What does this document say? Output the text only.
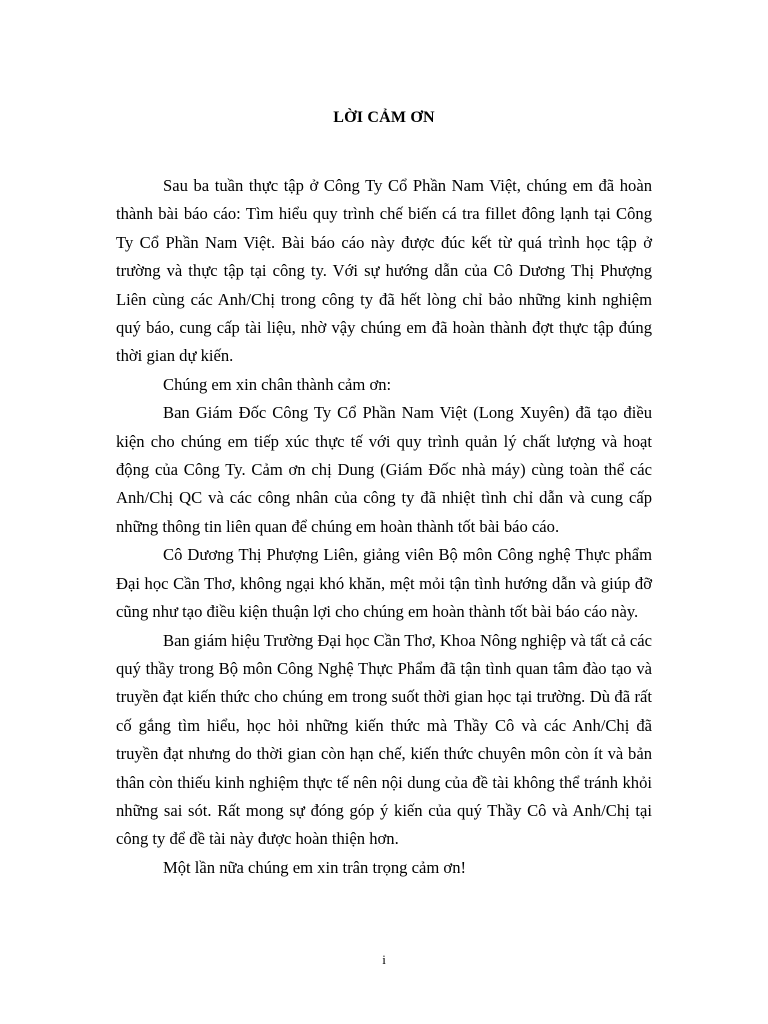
LỜI CẢM ƠN

Sau ba tuần thực tập ở Công Ty Cổ Phần Nam Việt, chúng em đã hoàn thành bài báo cáo: Tìm hiểu quy trình chế biến cá tra fillet đông lạnh tại Công Ty Cổ Phần Nam Việt. Bài báo cáo này được đúc kết từ quá trình học tập ở trường và thực tập tại công ty. Với sự hướng dẫn của Cô Dương Thị Phượng Liên cùng các Anh/Chị trong công ty đã hết lòng chỉ bảo những kinh nghiệm quý báo, cung cấp tài liệu, nhờ vậy chúng em đã hoàn thành đợt thực tập đúng thời gian dự kiến.

Chúng em xin chân thành cảm ơn:

Ban Giám Đốc Công Ty Cổ Phần Nam Việt (Long Xuyên) đã tạo điều kiện cho chúng em tiếp xúc thực tế với quy trình quản lý chất lượng và hoạt động của Công Ty. Cảm ơn chị Dung (Giám Đốc nhà máy) cùng toàn thể các Anh/Chị QC và các công nhân của công ty đã nhiệt tình chỉ dẫn và cung cấp những thông tin liên quan để chúng em hoàn thành tốt bài báo cáo.

Cô Dương Thị Phượng Liên, giảng viên Bộ môn Công nghệ Thực phẩm Đại học Cần Thơ, không ngại khó khăn, mệt mỏi tận tình hướng dẫn và giúp đỡ cũng như tạo điều kiện thuận lợi cho chúng em hoàn thành tốt bài báo cáo này.

Ban giám hiệu Trường Đại học Cần Thơ, Khoa Nông nghiệp và tất cả các quý thầy trong Bộ môn Công Nghệ Thực Phẩm đã tận tình quan tâm đào tạo và truyền đạt kiến thức cho chúng em trong suốt thời gian học tại trường. Dù đã rất cố gắng tìm hiểu, học hỏi những kiến thức mà Thầy Cô và các Anh/Chị đã truyền đạt nhưng do thời gian còn hạn chế, kiến thức chuyên môn còn ít và bản thân còn thiếu kinh nghiệm thực tế nên nội dung của đề tài không thể tránh khỏi những sai sót. Rất mong sự đóng góp ý kiến của quý Thầy Cô và Anh/Chị tại công ty để đề tài này được hoàn thiện hơn.

Một lần nữa chúng em xin trân trọng cảm ơn!

i
